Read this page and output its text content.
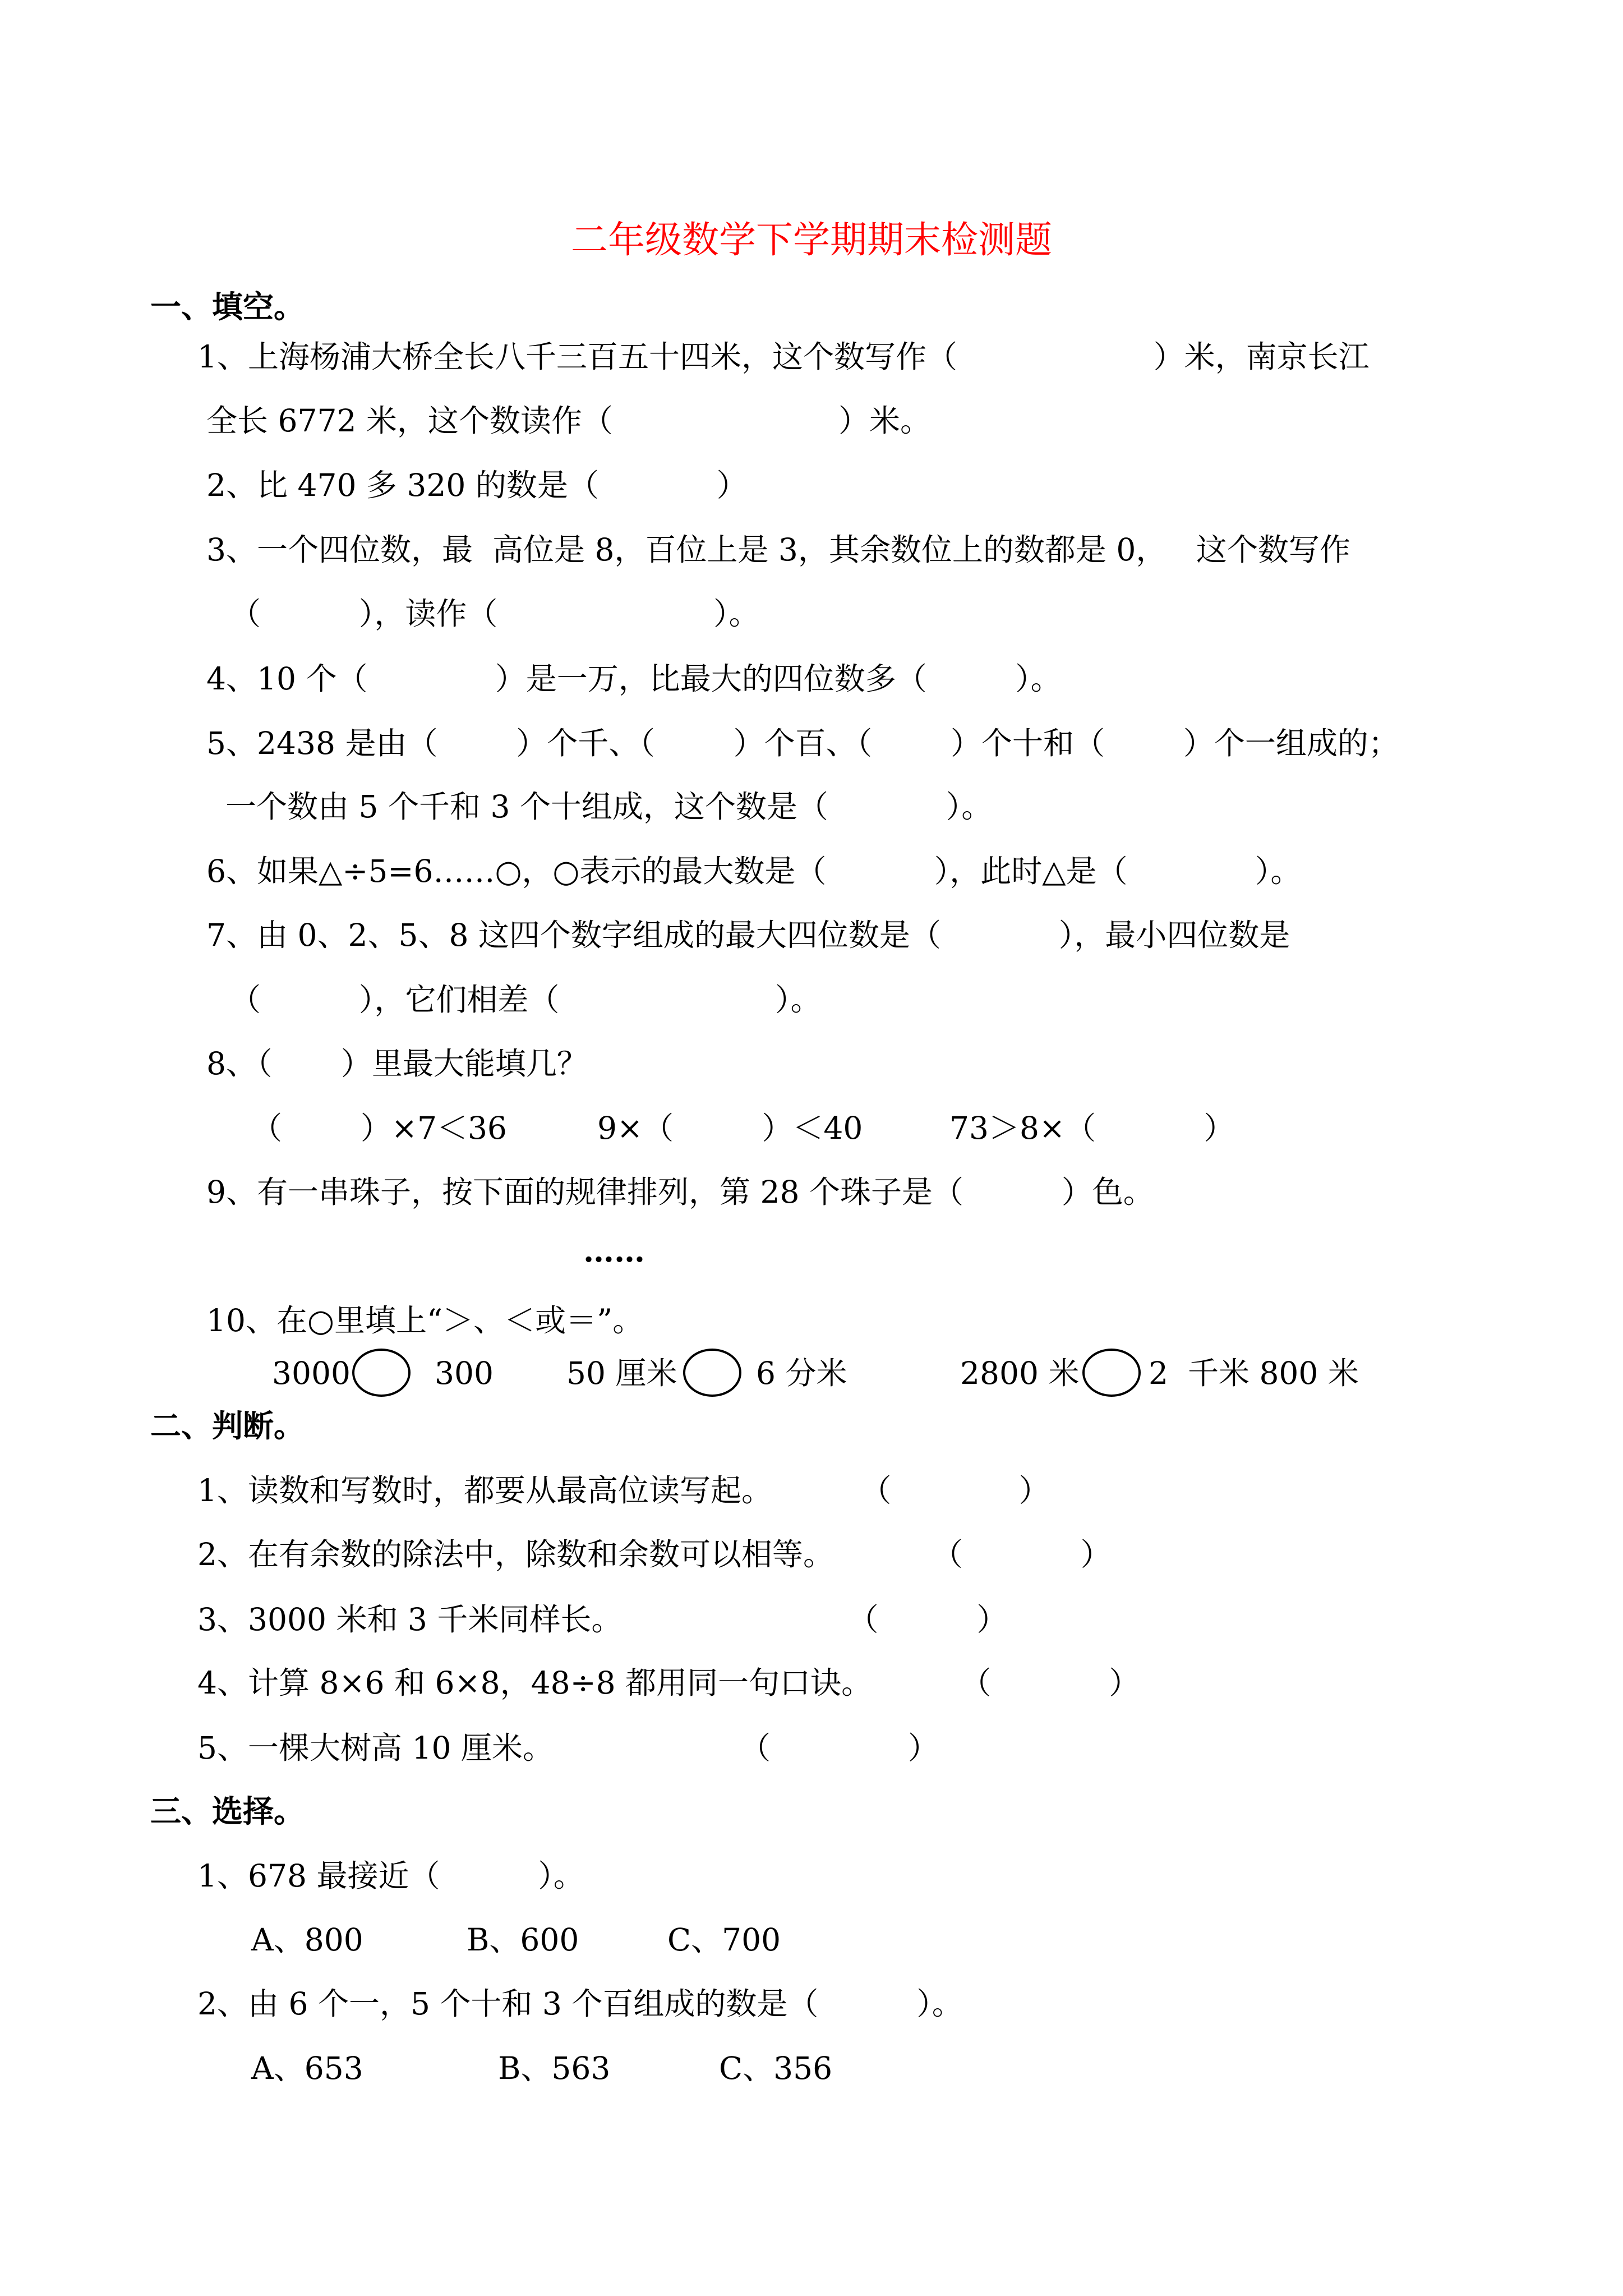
二年级数学下学期期末检测题
一、填空。
1、上海杨浦大桥全长八千三百五十四米，这个数写作（                    ）米，南京长江
全长 6772 米，这个数读作（                       ）米。
2、比 470 多 320 的数是（            ）
3、一个四位数，最  高位是 8，百位上是 3，其余数位上的数都是 0，   这个数写作
（          ），读作（                      ）。
4、10 个（             ）是一万，比最大的四位数多（         ）。
5、2438 是由（        ）个千、（        ）个百、（        ）个十和（        ）个一组成的；
一个数由 5 个千和 3 个十组成，这个数是（            ）。
6、如果△÷5=6……○，○表示的最大数是（           ），此时△是（             ）。
7、由 0、2、5、8 这四个数字组成的最大四位数是（            ），最小四位数是
（          ），它们相差（                      ）。
8、（       ）里最大能填几？
（        ）×7＜36	9×（         ）＜40	73＞8×（           ）
9、有一串珠子，按下面的规律排列，第 28 个珠子是（          ）色。
……
10、在○里填上“＞、＜或＝”。
3000	300 50 厘米	6 分米	2800 米 2  千米 800 米
二、判断。
1、读数和写数时，都要从最高位读写起。         （             ）
2、在有余数的除法中，除数和余数可以相等。          （            ）
3、3000 米和 3 千米同样长。                       （          ）
4、计算 8×6 和 6×8，48÷8 都用同一句口诀。         （            ）
5、一棵大树高 10 厘米。                   （              ）
三、选择。
1、678 最接近（          ）。
A、800	B、600	C、700
2、由 6 个一，5 个十和 3 个百组成的数是（          ）。
A、653	B、563	C、356
